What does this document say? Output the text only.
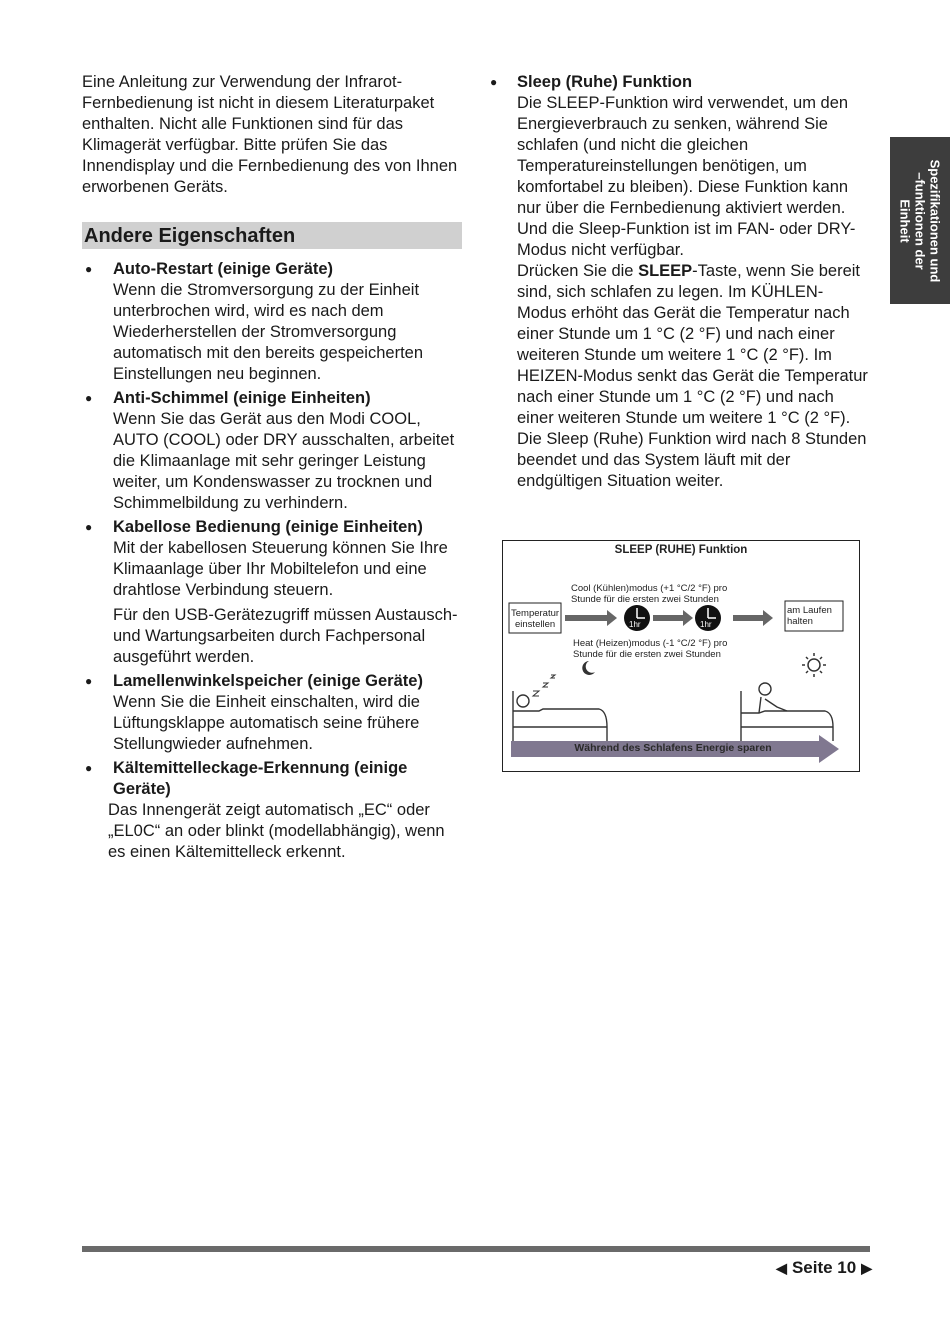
Eine Anleitung zur Verwendung der Infrarot-Fernbedienung ist nicht in diesem Literaturpaket enthalten. Nicht alle Funktionen sind für das Klimagerät verfügbar. Bitte prüfen Sie das Innendisplay und die Fernbedienung des von Ihnen erworbenen Geräts.

Andere Eigenschaften
● Auto-Restart (einige Geräte)
Wenn die Stromversorgung zu der Einheit unterbrochen wird, wird es nach dem Wiederherstellen der Stromversorgung automatisch mit den bereits gespeicherten Einstellungen neu beginnen.
● Anti-Schimmel (einige Einheiten)
Wenn Sie das Gerät aus den Modi COOL, AUTO (COOL) oder DRY ausschalten, arbeitet die Klimaanlage mit sehr geringer Leistung weiter, um Kondenswasser zu trocknen und Schimmelbildung zu verhindern.
● Kabellose Bedienung (einige Einheiten)
Mit der kabellosen Steuerung können Sie Ihre Klimaanlage über Ihr Mobiltelefon und eine drahtlose Verbindung steuern.
Für den USB-Gerätezugriff müssen Austausch- und Wartungsarbeiten durch Fachpersonal ausgeführt werden.
● Lamellenwinkelspeicher (einige Geräte)
Wenn Sie die Einheit einschalten, wird die Lüftungsklappe automatisch seine frühere Stellungwieder aufnehmen.
● Kältemittelleckage-Erkennung (einige Geräte)
Das Innengerät zeigt automatisch „EC“ oder „EL0C“ an oder blinkt (modellabhängig), wenn es einen Kältemittelleck erkennt.
● Sleep (Ruhe) Funktion
Die SLEEP-Funktion wird verwendet, um den Energieverbrauch zu senken, während Sie schlafen (und nicht die gleichen Temperatureinstellungen benötigen, um komfortabel zu bleiben). Diese Funktion kann nur über die Fernbedienung aktiviert werden. Und die Sleep-Funktion ist im FAN- oder DRY-Modus nicht verfügbar.
Drücken Sie die SLEEP-Taste, wenn Sie bereit sind, sich schlafen zu legen. Im KÜHLEN-Modus erhöht das Gerät die Temperatur nach einer Stunde um 1 °C (2 °F) und nach einer weiteren Stunde um weitere 1 °C (2 °F). Im HEIZEN-Modus senkt das Gerät die Temperatur nach einer Stunde um 1 °C (2 °F) und nach einer weiteren Stunde um weitere 1 °C (2 °F).
Die Sleep (Ruhe) Funktion wird nach 8 Stunden beendet und das System läuft mit der endgültigen Situation weiter.
SLEEP (RUHE) Funktion
Cool (Kühlen)modus (+1 °C/2 °F) pro
Stunde für die ersten zwei Stunden
Temperatur
einstellen
am Laufen
halten
1hr	1hr
Heat (Heizen)modus (-1 °C/2 °F) pro
Stunde für die ersten zwei Stunden
Während des Schlafens Energie sparen
Spezifikationen und
–funktionen der
Einheit
◀ Seite 10 ▶
